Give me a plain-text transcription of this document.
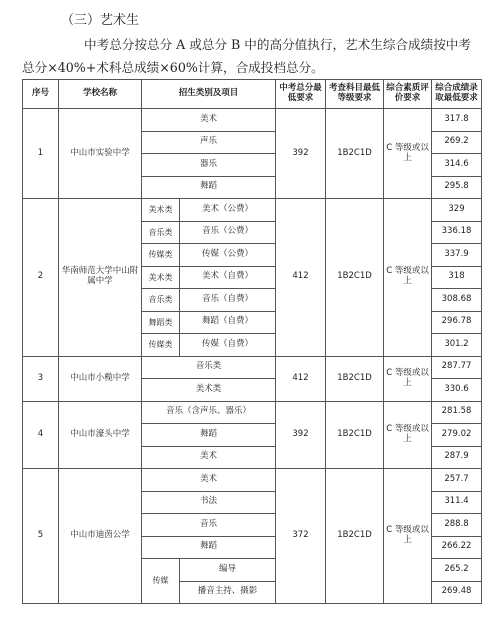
（三）艺术生
中考总分按总分 A 或总分 B 中的高分值执行，艺术生综合成绩按中考总分×40%+术科总成绩×60%计算，合成投档总分。
序号	学校名称	招生类别及项目		中考总分最低要求	考查科目最低等级要求	综合素质评价要求	综合成绩录取最低要求
1	中山市实验中学	美术		392	1B2C1D	C 等级或以上	317.8
		声乐					269.2
		器乐					314.6
		舞蹈					295.8
2	华南师范大学中山附属中学	美术类	美术（公费）	412	1B2C1D	C 等级或以上	329
		音乐类	音乐（公费）				336.18
		传媒类	传媒（公费）				337.9
		美术类	美术（自费）				318
		音乐类	音乐（自费）				308.68
		舞蹈类	舞蹈（自费）				296.78
		传媒类	传媒（自费）				301.2
3	中山市小榄中学	音乐类		412	1B2C1D	C 等级或以上	287.77
		美术类					330.6
4	中山市濠头中学	音乐（含声乐、器乐）		392	1B2C1D	C 等级或以上	281.58
		舞蹈					279.02
		美术					287.9
5	中山市迪茵公学	美术		372	1B2C1D	C 等级或以上	257.7
		书法					311.4
		音乐					288.8
		舞蹈					266.22
		传媒	编导				265.2
			播音主持、摄影				269.48
